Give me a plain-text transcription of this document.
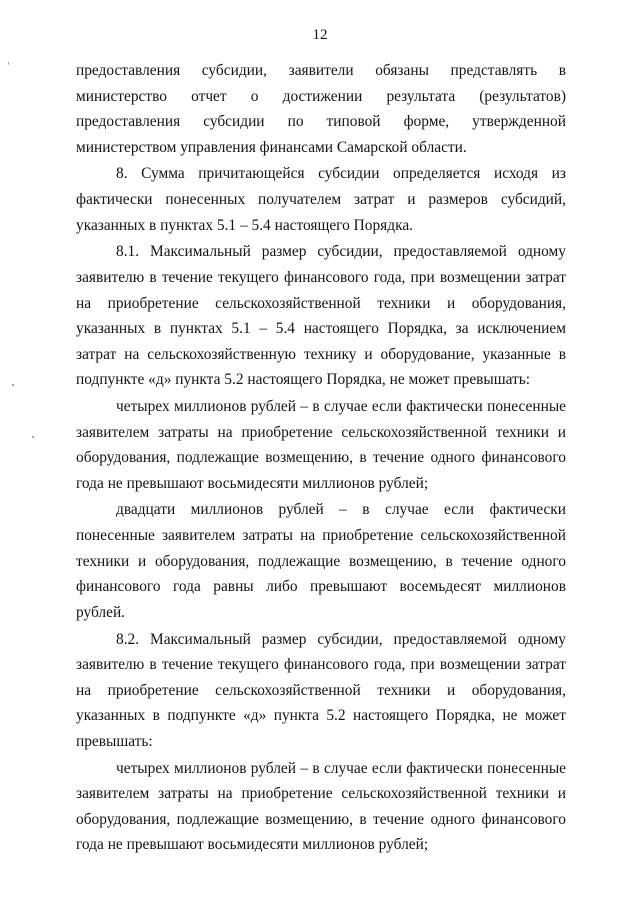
12

предоставления субсидии, заявители обязаны представлять в министерство отчет о достижении результата (результатов) предоставления субсидии по типовой форме, утвержденной министерством управления финансами Самарской области.

8. Сумма причитающейся субсидии определяется исходя из фактически понесенных получателем затрат и размеров субсидий, указанных в пунктах 5.1 – 5.4 настоящего Порядка.

8.1. Максимальный размер субсидии, предоставляемой одному заявителю в течение текущего финансового года, при возмещении затрат на приобретение сельскохозяйственной техники и оборудования, указанных в пунктах 5.1 – 5.4 настоящего Порядка, за исключением затрат на сельскохозяйственную технику и оборудование, указанные в подпункте «д» пункта 5.2 настоящего Порядка, не может превышать:

четырех миллионов рублей – в случае если фактически понесенные заявителем затраты на приобретение сельскохозяйственной техники и оборудования, подлежащие возмещению, в течение одного финансового года не превышают восьмидесяти миллионов рублей;

двадцати миллионов рублей – в случае если фактически понесенные заявителем затраты на приобретение сельскохозяйственной техники и оборудования, подлежащие возмещению, в течение одного финансового года равны либо превышают восемьдесят миллионов рублей.

8.2. Максимальный размер субсидии, предоставляемой одному заявителю в течение текущего финансового года, при возмещении затрат на приобретение сельскохозяйственной техники и оборудования, указанных в подпункте «д» пункта 5.2 настоящего Порядка, не может превышать:

четырех миллионов рублей – в случае если фактически понесенные заявителем затраты на приобретение сельскохозяйственной техники и оборудования, подлежащие возмещению, в течение одного финансового года не превышают восьмидесяти миллионов рублей;
